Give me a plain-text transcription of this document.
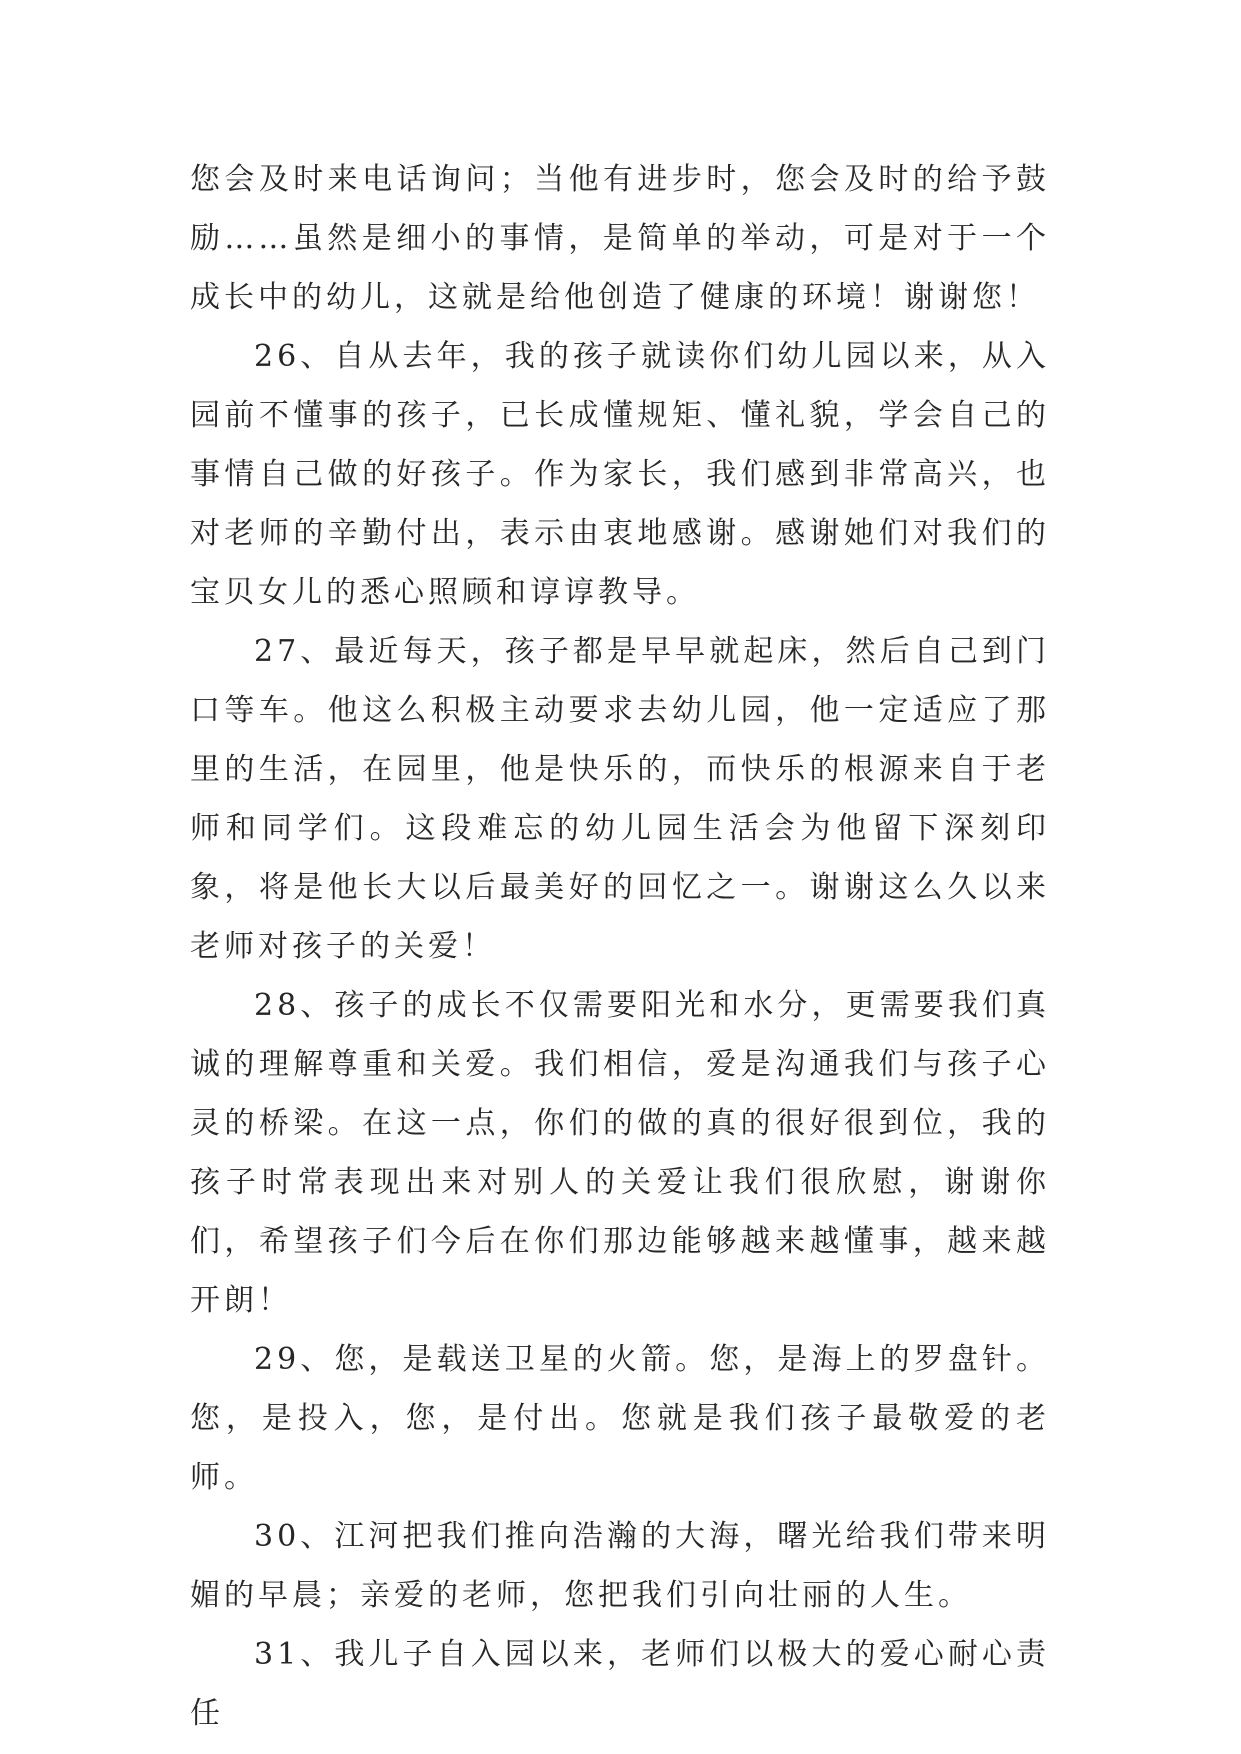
您会及时来电话询问；当他有进步时，您会及时的给予鼓励……虽然是细小的事情，是简单的举动，可是对于一个成长中的幼儿，这就是给他创造了健康的环境！谢谢您！

26、自从去年，我的孩子就读你们幼儿园以来，从入园前不懂事的孩子，已长成懂规矩、懂礼貌，学会自己的事情自己做的好孩子。作为家长，我们感到非常高兴，也对老师的辛勤付出，表示由衷地感谢。感谢她们对我们的宝贝女儿的悉心照顾和谆谆教导。

27、最近每天，孩子都是早早就起床，然后自己到门口等车。他这么积极主动要求去幼儿园，他一定适应了那里的生活，在园里，他是快乐的，而快乐的根源来自于老师和同学们。这段难忘的幼儿园生活会为他留下深刻印象，将是他长大以后最美好的回忆之一。谢谢这么久以来老师对孩子的关爱！

28、孩子的成长不仅需要阳光和水分，更需要我们真诚的理解尊重和关爱。我们相信，爱是沟通我们与孩子心灵的桥梁。在这一点，你们的做的真的很好很到位，我的孩子时常表现出来对别人的关爱让我们很欣慰，谢谢你们，希望孩子们今后在你们那边能够越来越懂事，越来越开朗！

29、您，是载送卫星的火箭。您，是海上的罗盘针。您，是投入，您，是付出。您就是我们孩子最敬爱的老师。

30、江河把我们推向浩瀚的大海，曙光给我们带来明媚的早晨；亲爱的老师，您把我们引向壮丽的人生。

31、我儿子自入园以来，老师们以极大的爱心耐心责任
